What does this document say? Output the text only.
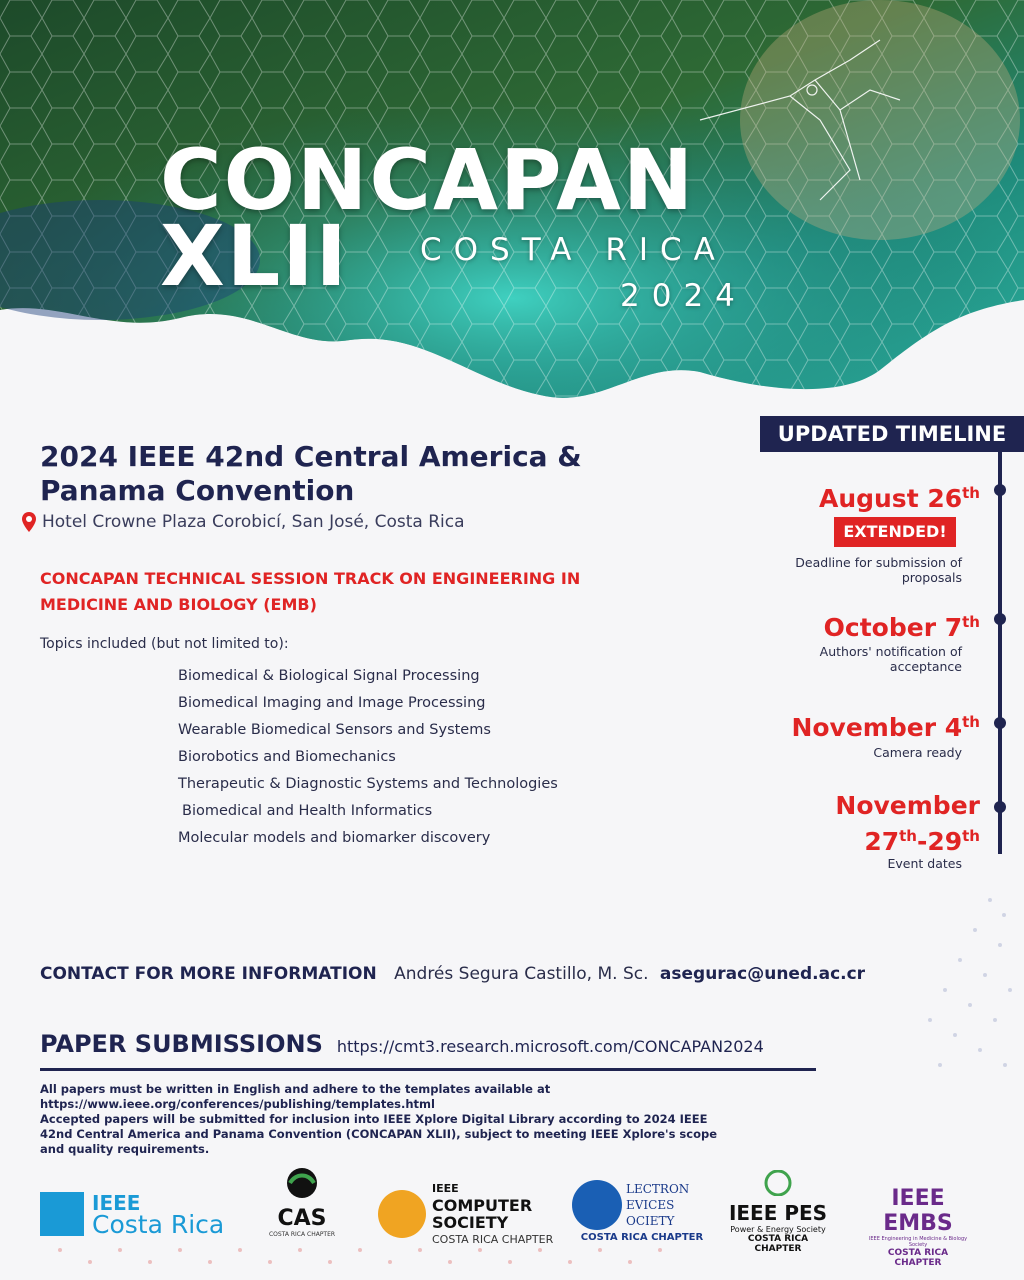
CONCAPAN
XLII	COSTA RICA
2024
2024 IEEE 42nd Central America & Panama Convention
Hotel Crowne Plaza Corobicí, San José, Costa Rica
CONCAPAN TECHNICAL SESSION TRACK ON ENGINEERING IN MEDICINE AND BIOLOGY (EMB)
Topics included (but not limited to):
Biomedical & Biological Signal Processing
Biomedical Imaging and Image Processing
Wearable Biomedical Sensors and Systems
Biorobotics and Biomechanics
Therapeutic & Diagnostic Systems and Technologies
Biomedical and Health Informatics
Molecular models and biomarker discovery
UPDATED TIMELINE
August 26th
EXTENDED!
Deadline for submission of proposals
October 7th
Authors' notification of acceptance
November 4th
Camera ready
November
27th-29th
Event dates
CONTACT FOR MORE INFORMATION Andrés Segura Castillo, M. Sc. asegurac@uned.ac.cr
PAPER SUBMISSIONS https://cmt3.research.microsoft.com/CONCAPAN2024
All papers must be written in English and adhere to the templates available at https://www.ieee.org/conferences/publishing/templates.html
Accepted papers will be submitted for inclusion into IEEE Xplore Digital Library according to 2024 IEEE
42nd Central America and Panama Convention (CONCAPAN XLII), subject to meeting IEEE Xplore's scope
and quality requirements.
IEEE
Costa Rica	CAS
COSTA RICA CHAPTER
IEEE
COMPUTER
SOCIETY
COSTA RICA CHAPTER
LECTRON
EVICES
OCIETY
COSTA RICA CHAPTER
IEEE PES
Power & Energy Society
COSTA RICA CHAPTER
IEEE EMBS
IEEE Engineering in Medicine & Biology Society
COSTA RICA CHAPTER
